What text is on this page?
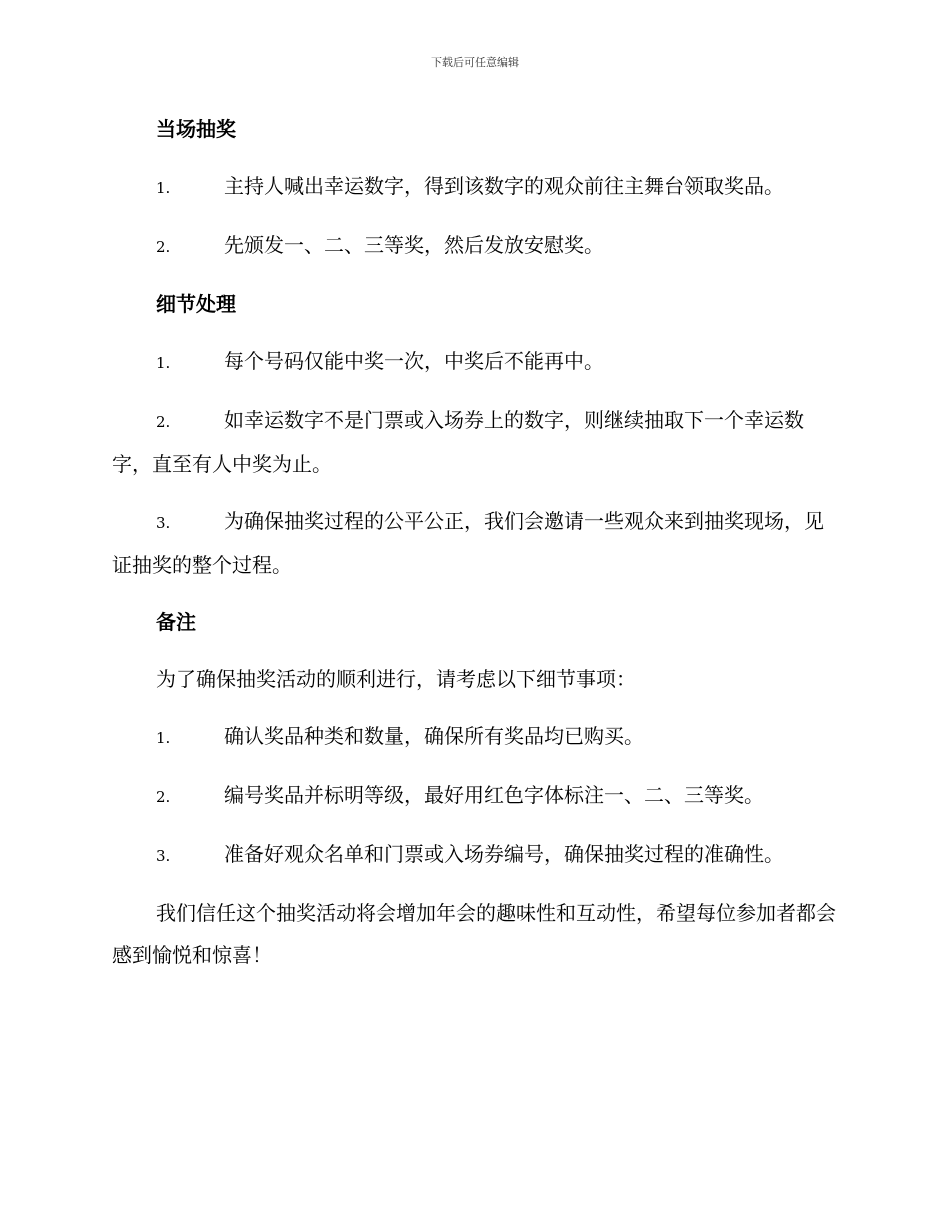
下载后可任意编辑
当场抽奖
1.	主持人喊出幸运数字，得到该数字的观众前往主舞台领取奖品。
2.	先颁发一、二、三等奖，然后发放安慰奖。
细节处理
1.	每个号码仅能中奖一次，中奖后不能再中。
2.	如幸运数字不是门票或入场券上的数字，则继续抽取下一个幸运数字，直至有人中奖为止。
3.	为确保抽奖过程的公平公正，我们会邀请一些观众来到抽奖现场，见证抽奖的整个过程。
备注
为了确保抽奖活动的顺利进行，请考虑以下细节事项：
1.	确认奖品种类和数量，确保所有奖品均已购买。
2.	编号奖品并标明等级，最好用红色字体标注一、二、三等奖。
3.	准备好观众名单和门票或入场券编号，确保抽奖过程的准确性。
我们信任这个抽奖活动将会增加年会的趣味性和互动性，希望每位参加者都会感到愉悦和惊喜！
